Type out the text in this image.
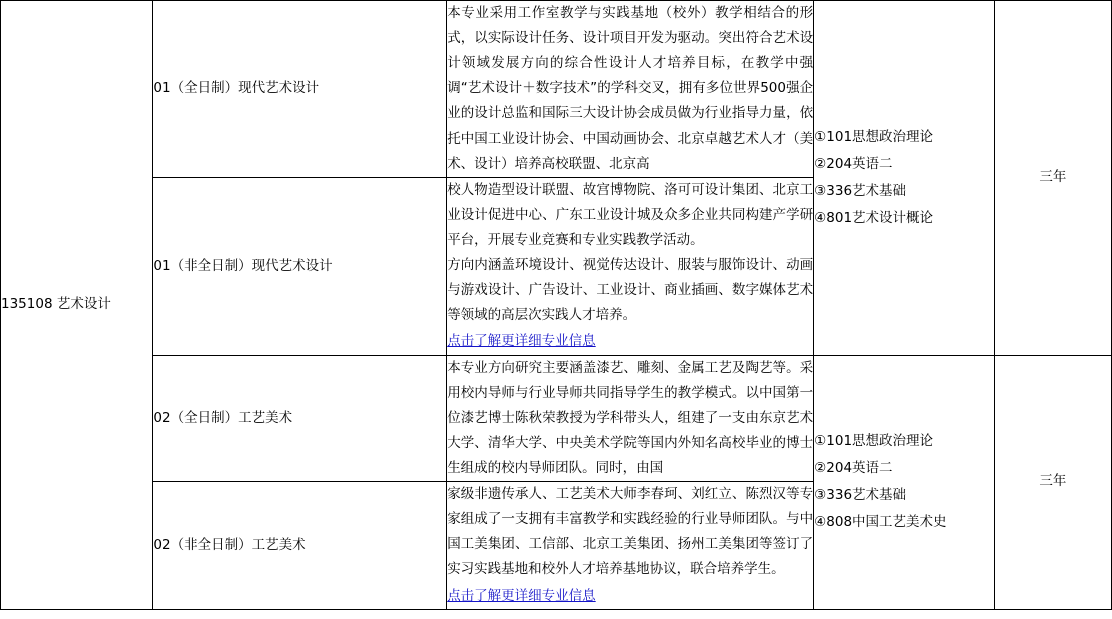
135108 艺术设计	01（全日制）现代艺术设计	本专业采用工作室教学与实践基地（校外）教学相结合的形式，以实际设计任务、设计项目开发为驱动。突出符合艺术设计领域发展方向的综合性设计人才培养目标，在教学中强调“艺术设计＋数字技术”的学科交叉，拥有多位世界500强企业的设计总监和国际三大设计协会成员做为行业指导力量，依托中国工业设计协会、中国动画协会、北京卓越艺术人才（美术、设计）培养高校联盟、北京高	①101思想政治理论
②204英语二
③336艺术基础
④801艺术设计概论	三年
	01（非全日制）现代艺术设计	校人物造型设计联盟、故宫博物院、洛可可设计集团、北京工业设计促进中心、广东工业设计城及众多企业共同构建产学研平台，开展专业竞赛和专业实践教学活动。

方向内涵盖环境设计、视觉传达设计、服装与服饰设计、动画与游戏设计、广告设计、工业设计、商业插画、数字媒体艺术等领域的高层次实践人才培养。

点击了解更详细专业信息		
	02（全日制）工艺美术	本专业方向研究主要涵盖漆艺、雕刻、金属工艺及陶艺等。采用校内导师与行业导师共同指导学生的教学模式。以中国第一位漆艺博士陈秋荣教授为学科带头人，组建了一支由东京艺术大学、清华大学、中央美术学院等国内外知名高校毕业的博士生组成的校内导师团队。同时，由国	①101思想政治理论
②204英语二
③336艺术基础
④808中国工艺美术史	三年
	02（非全日制）工艺美术	家级非遗传承人、工艺美术大师李春珂、刘红立、陈烈汉等专家组成了一支拥有丰富教学和实践经验的行业导师团队。与中国工美集团、工信部、北京工美集团、扬州工美集团等签订了实习实践基地和校外人才培养基地协议，联合培养学生。

点击了解更详细专业信息		
